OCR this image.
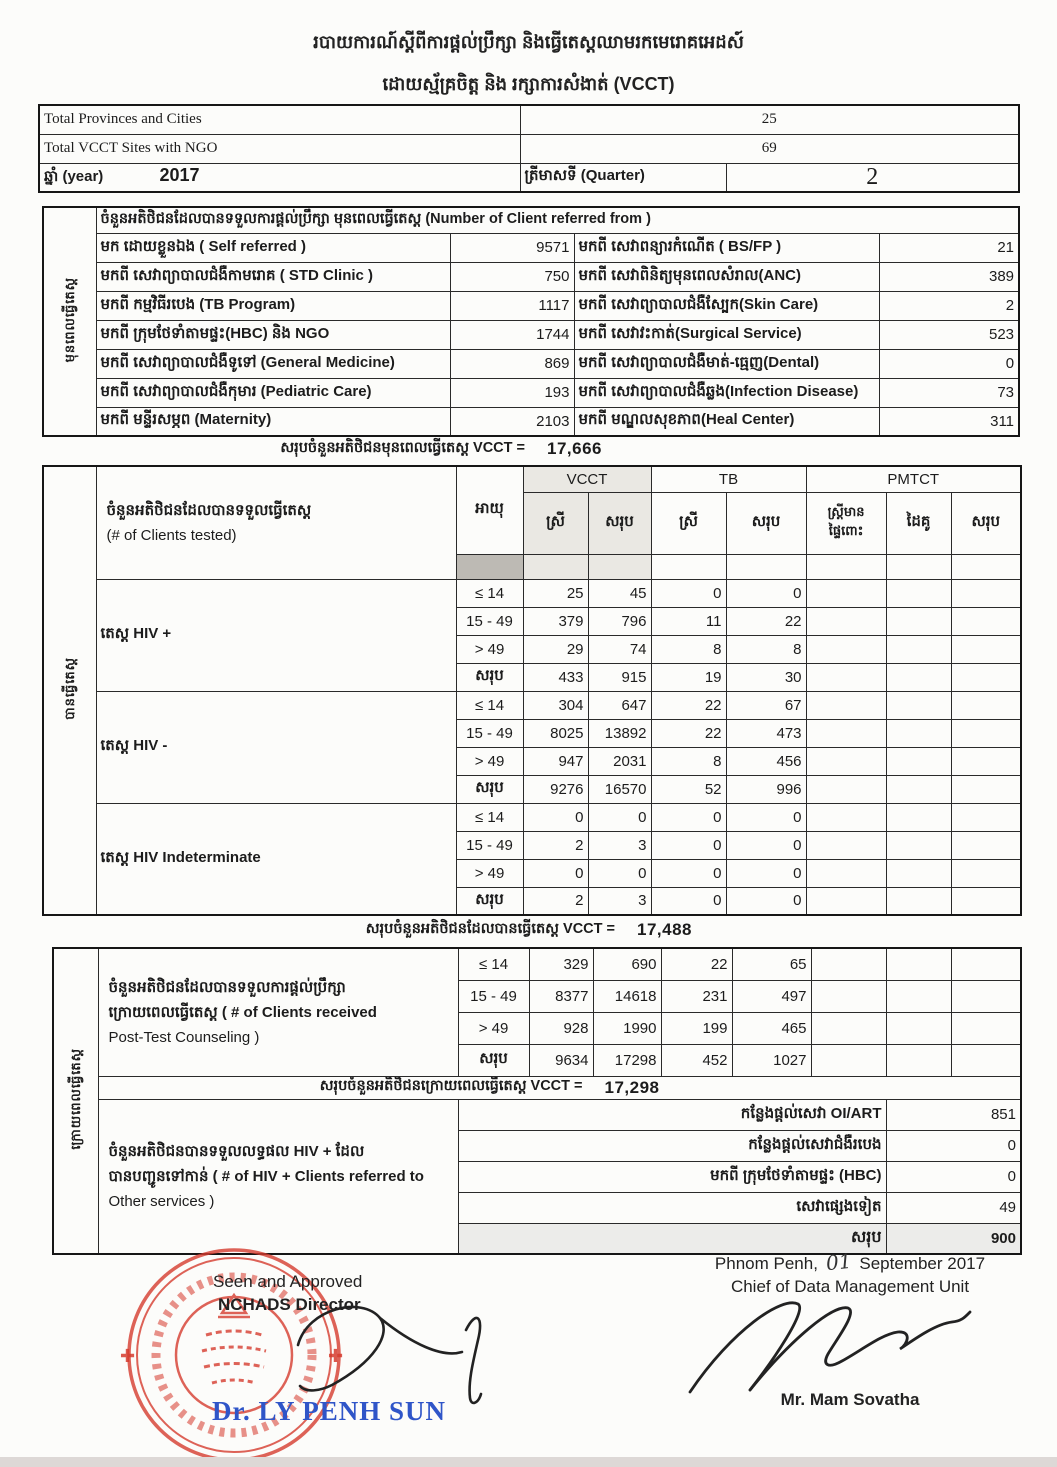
របាយការណ៍ស្តីពីការផ្តល់ប្រឹក្សា និងធ្វើតេស្តឈាមរកមេរោគអេដស៍
ដោយស្ម័គ្រចិត្ត និង រក្សាការសំងាត់ (VCCT)
Total Provinces and Cities	25	
Total VCCT Sites with NGO	69	
ឆ្នាំ (year) 2017	ត្រីមាសទី (Quarter)	2
មុនពេលធ្វើតេស្ត	ចំនួនអតិថិជនដែលបានទទួលការផ្តល់ប្រឹក្សា មុនពេលធ្វើតេស្ត (Number of Client referred from )			
	មក ដោយខ្លួនឯង ( Self referred )	9571	មកពី សេវាពន្យារកំណើត ( BS/FP )	21
	មកពី សេវាព្យាបាលជំងឺកាមរោគ ( STD Clinic )	750	មកពី សេវាពិនិត្យមុនពេលសំរាល(ANC)	389
	មកពី កម្មវិធីរបេង (TB Program)	1117	មកពី សេវាព្យាបាលជំងឺស្បែក(Skin Care)	2
	មកពី ក្រុមថែទាំតាមផ្ទះ(HBC) និង NGO	1744	មកពី សេវាវះកាត់(Surgical Service)	523
	មកពី សេវាព្យាបាលជំងឺទូទៅ (General Medicine)	869	មកពី សេវាព្យាបាលជំងឺមាត់-ធ្មេញ(Dental)	0
	មកពី សេវាព្យាបាលជំងឺកុមារ (Pediatric Care)	193	មកពី សេវាព្យាបាលជំងឺឆ្លង(Infection Disease)	73
	មកពី មន្ទីរសម្ភព (Maternity)	2103	មកពី មណ្ឌលសុខភាព(Heal Center)	311
សរុបចំនួនអតិថិជនមុនពេលធ្វើតេស្ត VCCT = 17,666
បានធ្វើតេស្ត	ចំនួនអតិថិជនដែលបានទទួលធ្វើតេស្ត
(# of Clients tested)	អាយុ	VCCT		TB		PMTCT		
			ស្រី	សរុប	ស្រី	សរុប	ស្ត្រីមានផ្ទៃពោះ	ដៃគូ	សរុប

	តេស្ត HIV +	≤ 14	25	45	0	0			
		15 - 49	379	796	11	22			
		> 49	29	74	8	8			
		សរុប	433	915	19	30			
	តេស្ត HIV -	≤ 14	304	647	22	67			
		15 - 49	8025	13892	22	473			
		> 49	947	2031	8	456			
		សរុប	9276	16570	52	996			
	តេស្ត HIV Indeterminate	≤ 14	0	0	0	0			
		15 - 49	2	3	0	0			
		> 49	0	0	0	0			
		សរុប	2	3	0	0			
សរុបចំនួនអតិថិជនដែលបានធ្វើតេស្ត VCCT = 17,488
ក្រោយពេលធ្វើតេស្ត	ចំនួនអតិថិជនដែលបានទទួលការផ្តល់ប្រឹក្សា
ក្រោយពេលធ្វើតេស្ត ( # of Clients received
Post-Test Counseling )	≤ 14	329	690	22	65			
		15 - 49	8377	14618	231	497			
		> 49	928	1990	199	465			
		សរុប	9634	17298	452	1027			

	សរុបចំនួនអតិថិជនក្រោយពេលធ្វើតេស្ត VCCT = 17,298								

	ចំនួនអតិថិជនបានទទួលលទ្ធផល HIV + ដែល
បានបញ្ជូនទៅកាន់ ( # of HIV + Clients referred to
Other services )	កន្លែងផ្តល់សេវា OI/ART						851	
		កន្លែងផ្តល់សេវាជំងឺរបេង						0	
		មកពី ក្រុមថែទាំតាមផ្ទះ (HBC)						0	
		សេវាផ្សេងទៀត						49	
		សរុប						900	
✚	✚
Seen and Approved
NCHADS Director
Dr. LY PENH SUN
Phnom Penh, 01 September 2017
Chief of Data Management Unit
Mr. Mam Sovatha
